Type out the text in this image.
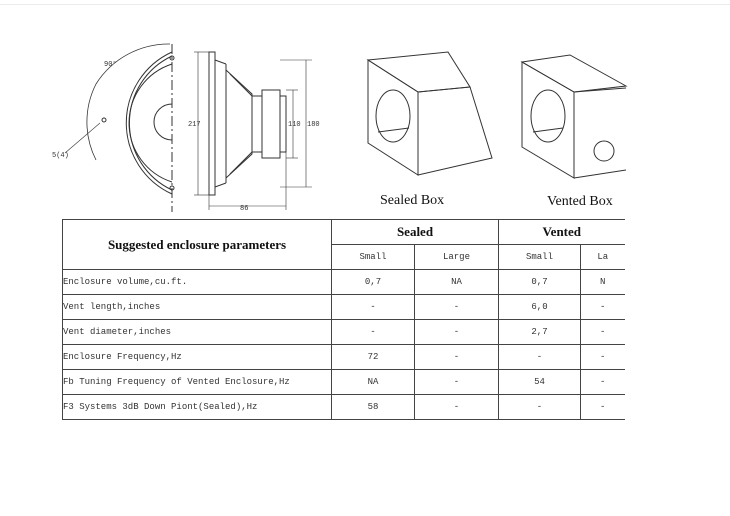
90°
5(4)
217	110 180
86
Sealed Box	Vented Box
Suggested enclosure parameters	Sealed		Vented	
	Small	Large	Small	La
Enclosure volume,cu.ft.	0,7	NA	0,7	N
Vent length,inches	-	-	6,0	-
Vent diameter,inches	-	-	2,7	-
Enclosure Frequency,Hz	72	-	-	-
Fb Tuning Frequency of Vented Enclosure,Hz	NA	-	54	-
F3 Systems 3dB Down Piont(Sealed),Hz	58	-	-	-
